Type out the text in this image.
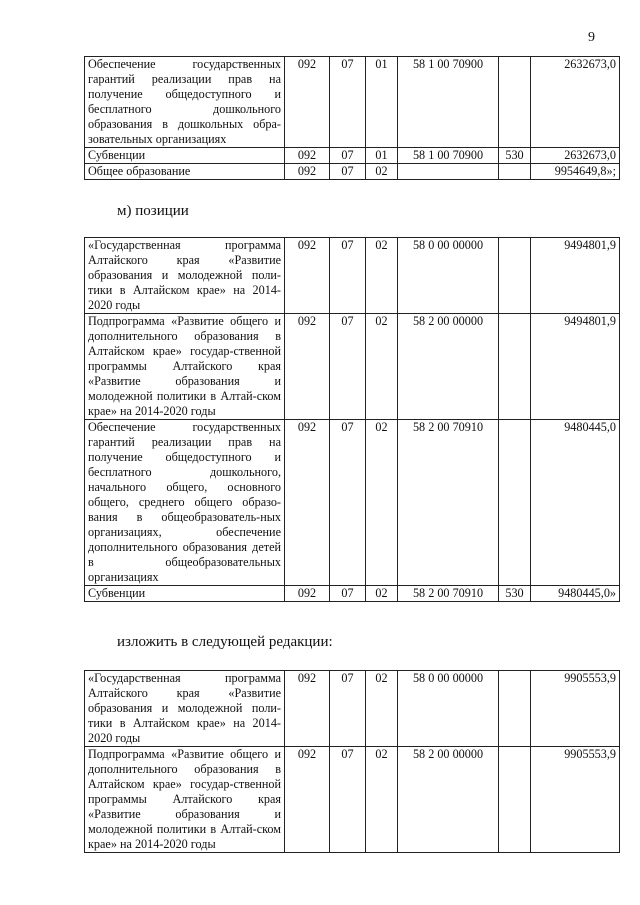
9
Обеспечение государственных гарантий реализации прав на получение общедоступного и бесплатного дошкольного образования в дошкольных обра-зовательных организациях	092	07	01	58 1 00 70900		2632673,0
Субвенции	092	07	01	58 1 00 70900	530	2632673,0
Общее образование	092	07	02			9954649,8»;
м) позиции
«Государственная программа Алтайского края «Развитие образования и молодежной поли-тики в Алтайском крае» на 2014-2020 годы	092	07	02	58 0 00 00000		9494801,9
Подпрограмма «Развитие общего и дополнительного образования в Алтайском крае» государ-ственной программы Алтайского края «Развитие образования и молодежной политики в Алтай-ском крае» на 2014-2020 годы	092	07	02	58 2 00 00000		9494801,9
Обеспечение государственных гарантий реализации прав на получение общедоступного и бесплатного дошкольного, начального общего, основного общего, среднего общего образо-вания в общеобразователь-ных организациях, обеспечение дополнительного образования детей в общеобразовательных организациях	092	07	02	58 2 00 70910		9480445,0
Субвенции	092	07	02	58 2 00 70910	530	9480445,0»
изложить в следующей редакции:
«Государственная программа Алтайского края «Развитие образования и молодежной поли-тики в Алтайском крае» на 2014-2020 годы	092	07	02	58 0 00 00000		9905553,9
Подпрограмма «Развитие общего и дополнительного образования в Алтайском крае» государ-ственной программы Алтайского края «Развитие образования и молодежной политики в Алтай-ском крае» на 2014-2020 годы	092	07	02	58 2 00 00000		9905553,9
